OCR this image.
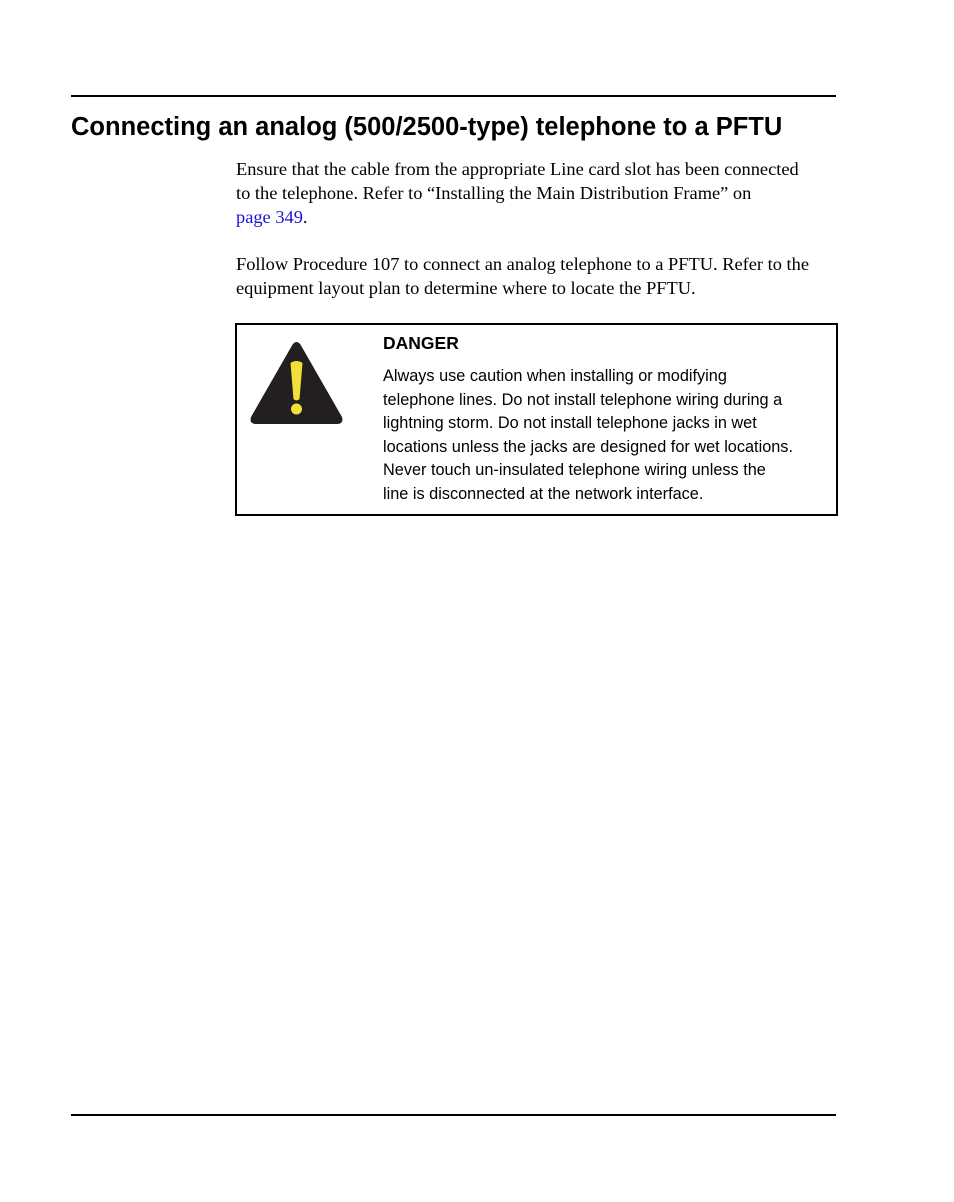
Connecting an analog (500/2500-type) telephone to a PFTU

Ensure that the cable from the appropriate Line card slot has been connected
to the telephone. Refer to “Installing the Main Distribution Frame” on
page 349.

Follow Procedure 107 to connect an analog telephone to a PFTU. Refer to the
equipment layout plan to determine where to locate the PFTU.

DANGER
Always use caution when installing or modifying
telephone lines. Do not install telephone wiring during a
lightning storm. Do not install telephone jacks in wet
locations unless the jacks are designed for wet locations.
Never touch un-insulated telephone wiring unless the
line is disconnected at the network interface.
